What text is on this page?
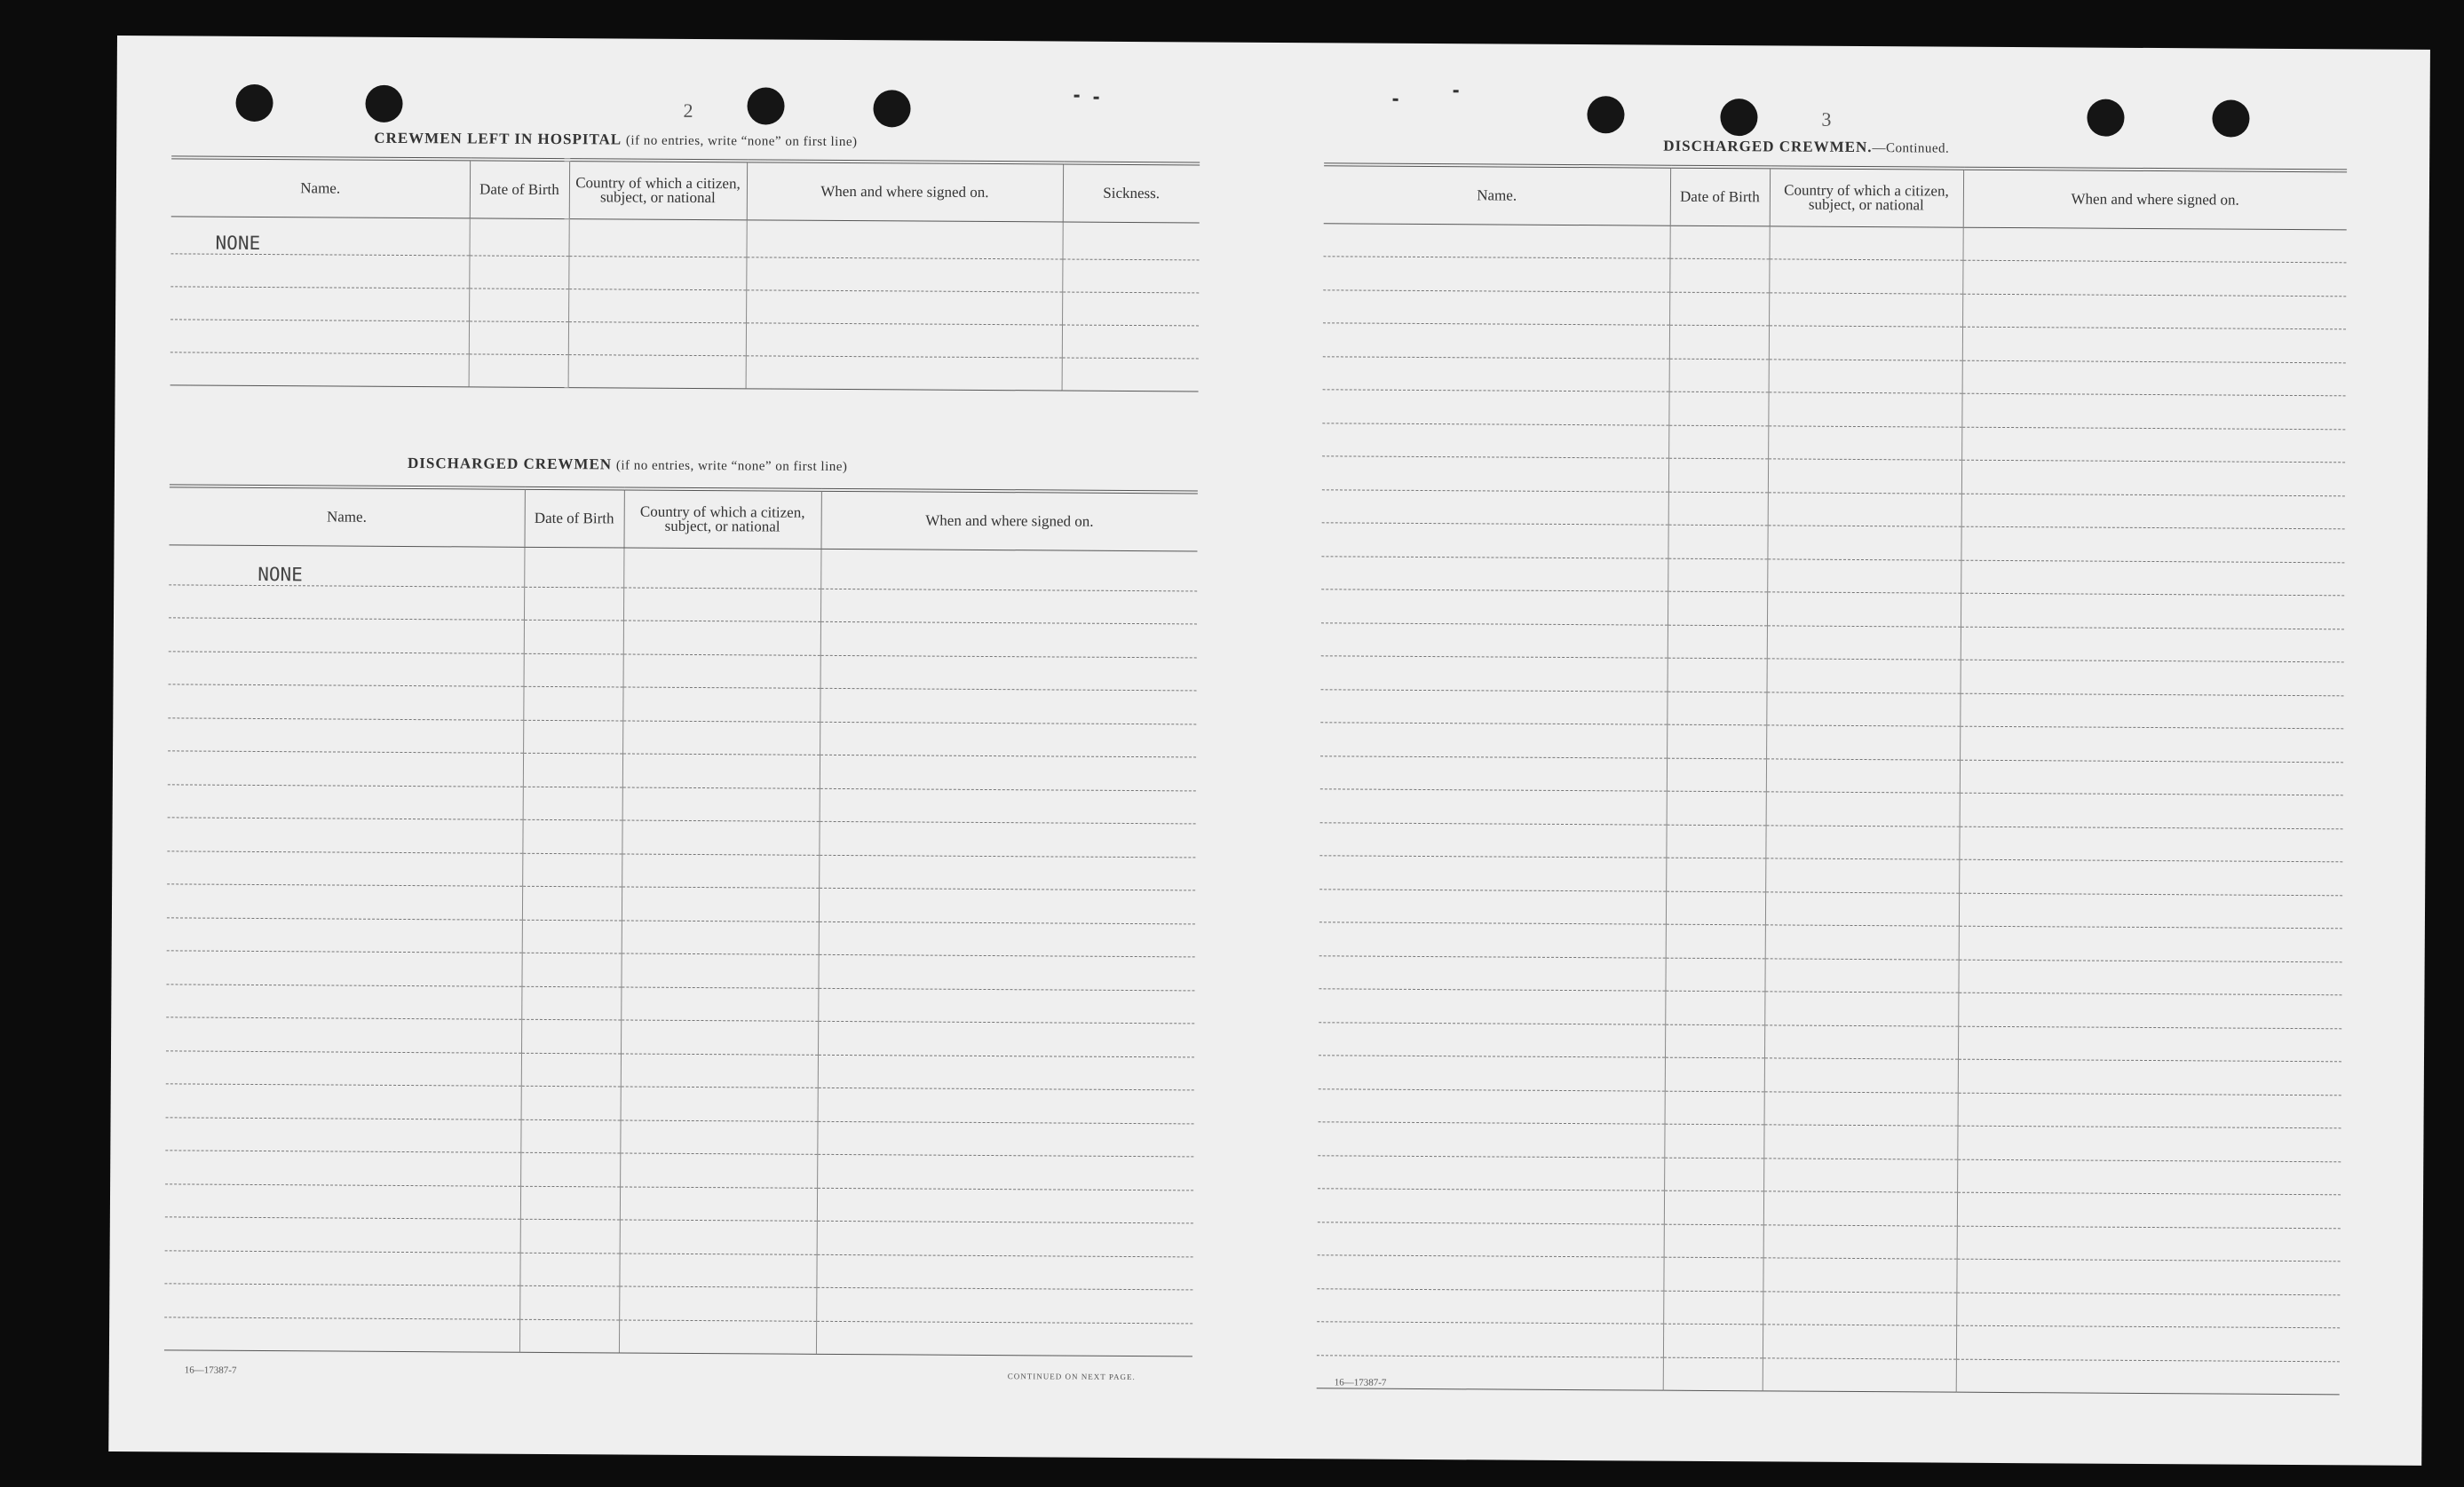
2
CREWMEN LEFT IN HOSPITAL (if no entries, write “none” on first line)
Name.	Date of Birth	Country of which a citizen, subject, or national	When and where signed on.	Sickness.
NONE				

DISCHARGED CREWMEN (if no entries, write “none” on first line)
Name.	Date of Birth	Country of which a citizen, subject, or national	When and where signed on.
NONE			

16—17387-7
CONTINUED ON NEXT PAGE.
3
DISCHARGED CREWMEN.—Continued.
Name.	Date of Birth	Country of which a citizen, subject, or national	When and where signed on.

16—17387-7
